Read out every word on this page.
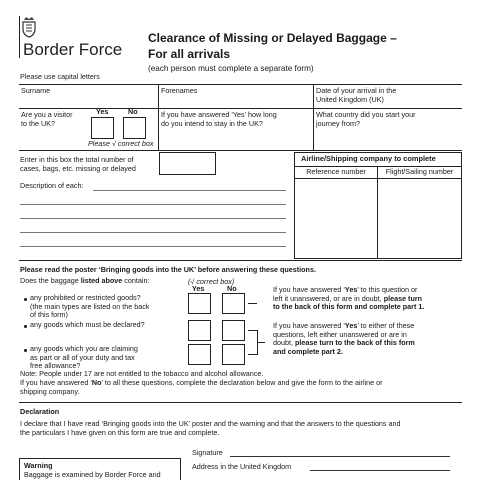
Border Force
Clearance of Missing or Delayed Baggage –
For all arrivals
(each person must complete a separate form)
Please use capital letters
Surname	Forenames	Date of your arrival in the
United Kingdom (UK)
Are you a visitor
to the UK?
Yes	No
Please √ correct box
If you have answered ‘Yes’ how long
do you intend to stay in the UK?
What country did you start your
journey from?
Enter in this box the total number of
cases, bags, etc. missing or delayed
Description of each:
Airline/Shipping company to complete
Reference number	Flight/Sailing number
Please read the poster ‘Bringing goods into the UK’ before answering these questions.
Does the baggage listed above contain:	(√ correct box)
Yes	No
any prohibited or restricted goods?
(the main types are listed on the back
of this form)
If you have answered ‘Yes’ to this question or
left it unanswered, or are in doubt, please turn
to the back of this form and complete part 1.
any goods which must be declared?
any goods which you are claiming
as part or all of your duty and tax
free allowance?
If you have answered ‘Yes’ to either of these
questions, left either unanswered or are in
doubt, please turn to the back of this form
and complete part 2.
Note: People under 17 are not entitled to the tobacco and alcohol allowance.
If you have answered ‘No’ to all these questions, complete the declaration below and give the form to the airline or
shipping company.
Declaration
I declare that I have read ‘Bringing goods into the UK’ poster and the warning and that the answers to the questions and
the particulars I have given on this form are true and complete.
Signature
Address in the United Kingdom
Warning
Baggage is examined by Border Force and
